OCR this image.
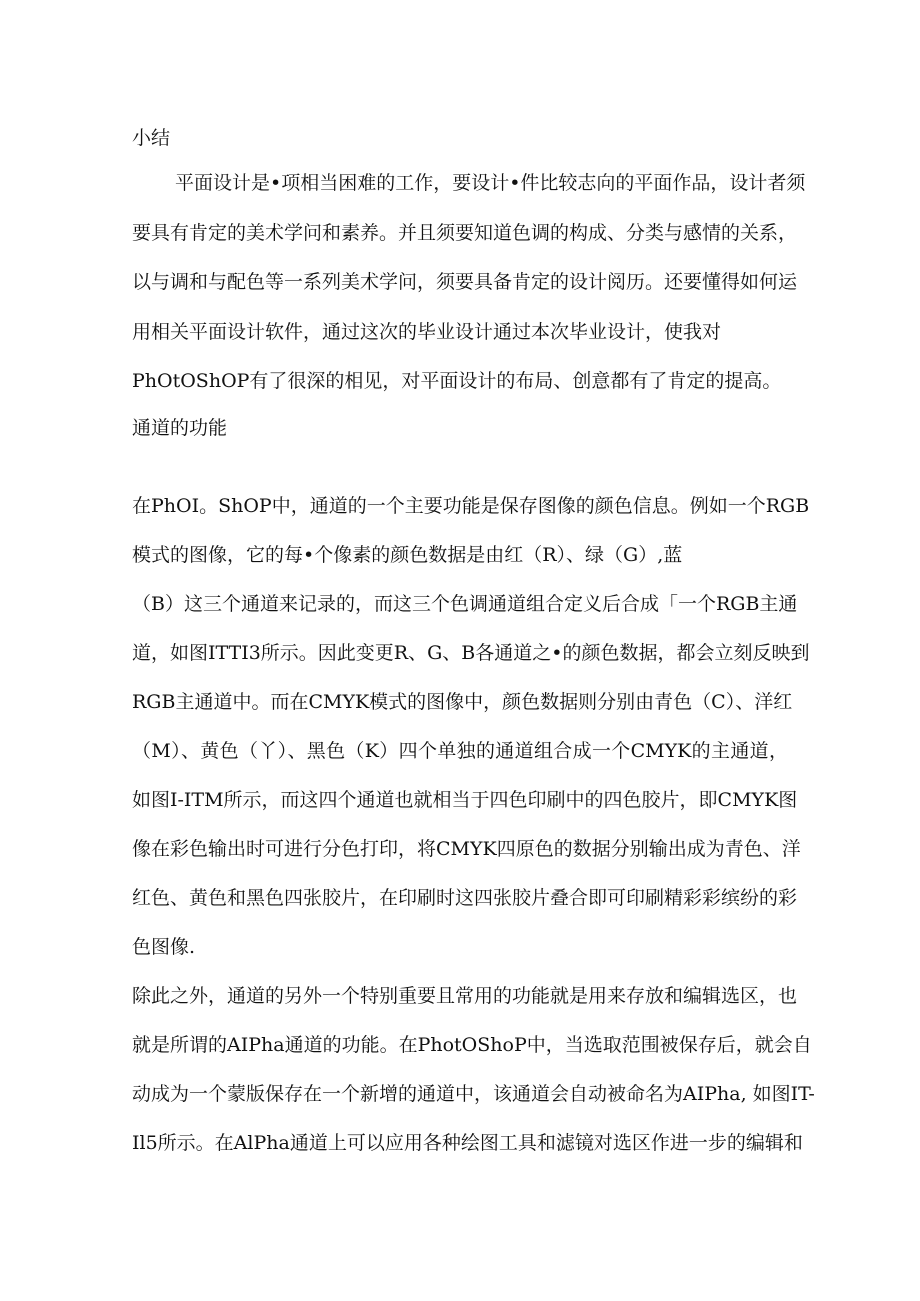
小结
平面设计是•项相当困难的工作，要设计•件比较志向的平面作品，设计者须
要具有肯定的美术学问和素养。并且须要知道色调的构成、分类与感情的关系，
以与调和与配色等一系列美术学问，须要具备肯定的设计阅历。还要懂得如何运
用相关平面设计软件，通过这次的毕业设计通过本次毕业设计，使我对
PhOtOShOP有了很深的相见，对平面设计的布局、创意都有了肯定的提高。
通道的功能
在PhOI。ShOP中，通道的一个主要功能是保存图像的颜色信息。例如一个RGB
模式的图像，它的每•个像素的颜色数据是由红（R）、绿（G）,蓝
（B）这三个通道来记录的，而这三个色调通道组合定义后合成「一个RGB主通
道，如图ITTI3所示。因此变更R、G、B各通道之•的颜色数据，都会立刻反映到
RGB主通道中。而在CMYK模式的图像中，颜色数据则分别由青色（C）、洋红
（M）、黄色（丫）、黑色（K）四个单独的通道组合成一个CMYK的主通道，
如图I-ITM所示，而这四个通道也就相当于四色印刷中的四色胶片，即CMYK图
像在彩色输出时可进行分色打印，将CMYK四原色的数据分别输出成为青色、洋
红色、黄色和黑色四张胶片，在印刷时这四张胶片叠合即可印刷精彩彩缤纷的彩
色图像.
除此之外，通道的另外一个特别重要且常用的功能就是用来存放和编辑选区，也
就是所谓的AIPha通道的功能。在PhotOShoP中，当选取范围被保存后，就会自
动成为一个蒙版保存在一个新增的通道中，该通道会自动被命名为AIPha, 如图IT-
Il5所示。在AlPha通道上可以应用各种绘图工具和滤镜对选区作进一步的编辑和
